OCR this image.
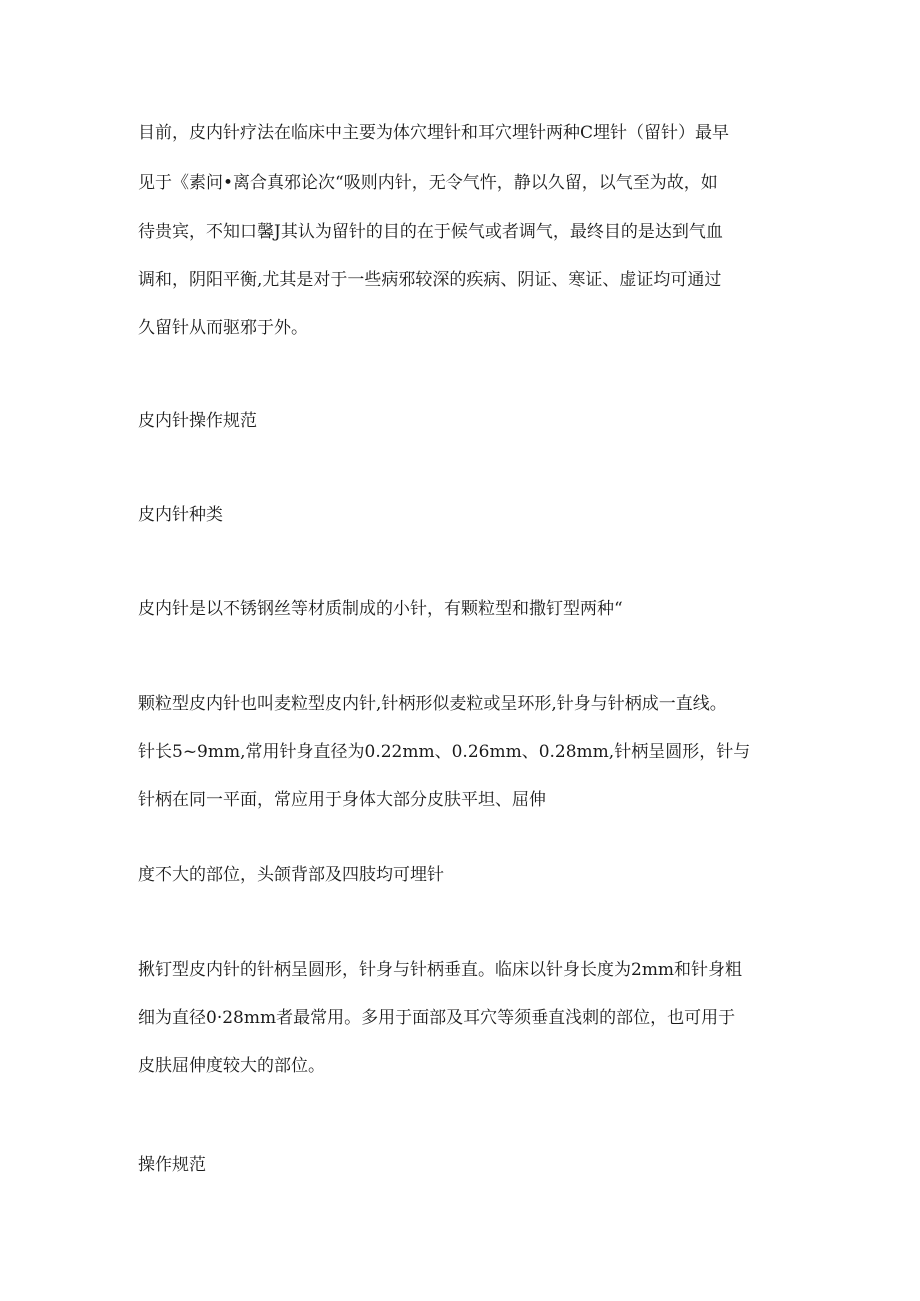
目前，皮内针疗法在临床中主要为体穴埋针和耳穴埋针两种C埋针（留针）最早
见于《素问•离合真邪论次“吸则内针，无令气忤，静以久留，以气至为故，如
待贵宾，不知口馨J其认为留针的目的在于候气或者调气，最终目的是达到气血
调和，阴阳平衡,尤其是对于一些病邪较深的疾病、阴证、寒证、虚证均可通过
久留针从而驱邪于外。
皮内针操作规范
皮内针种类
皮内针是以不锈钢丝等材质制成的小针，有颗粒型和撒钉型两种“
颗粒型皮内针也叫麦粒型皮内针,针柄形似麦粒或呈环形,针身与针柄成一直线。
针长5~9mm,常用针身直径为0.22mm、0.26mm、0.28mm,针柄呈圆形，针与
针柄在同一平面，常应用于身体大部分皮肤平坦、屈伸
度不大的部位，头颌背部及四肢均可埋针
揪钉型皮内针的针柄呈圆形，针身与针柄垂直。临床以针身长度为2mm和针身粗
细为直径0·28mm者最常用。多用于面部及耳穴等须垂直浅刺的部位，也可用于
皮肤屈伸度较大的部位。
操作规范
